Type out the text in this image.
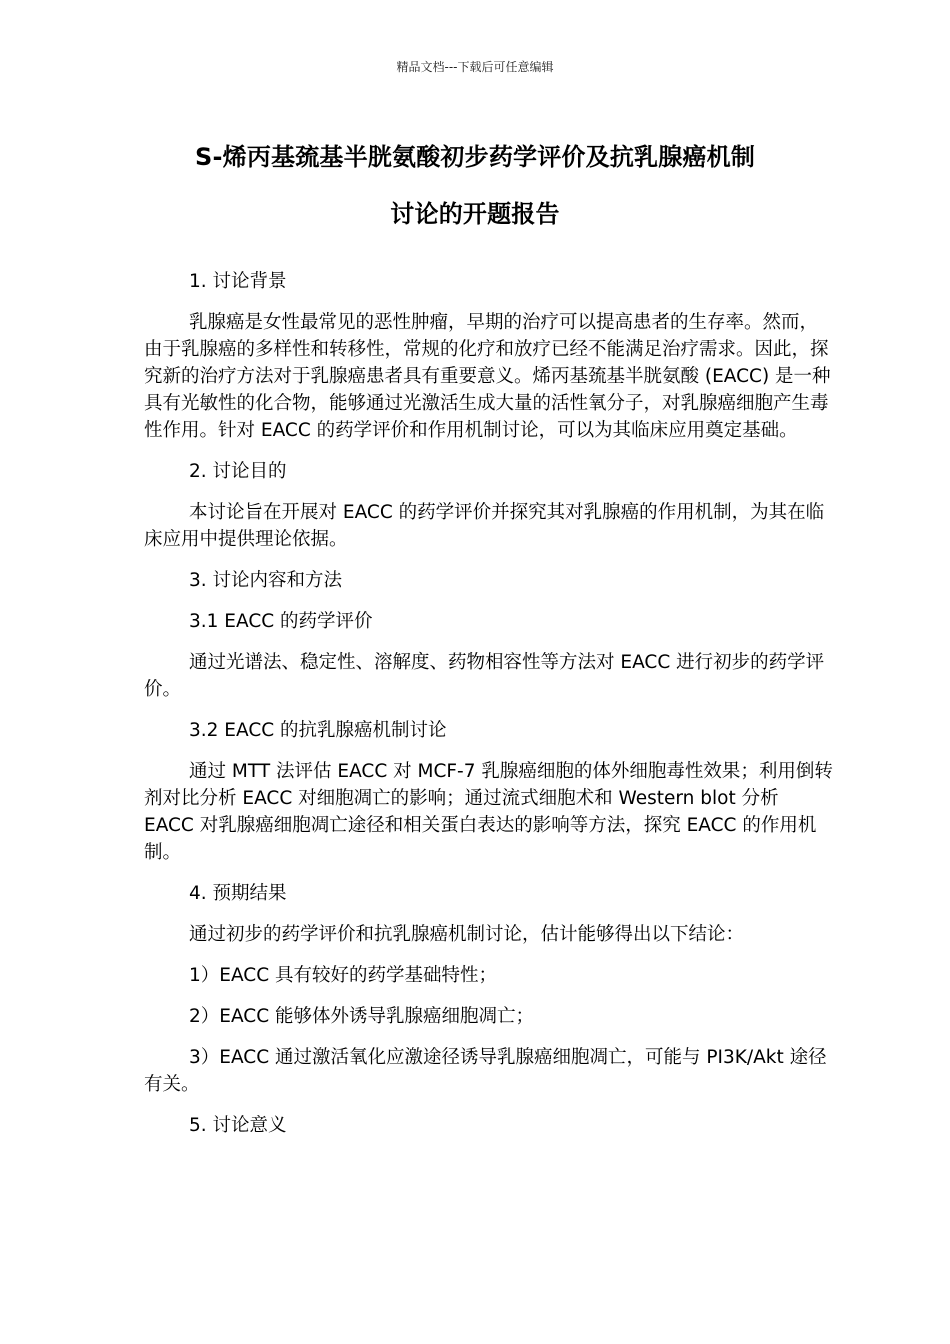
精品文档---下载后可任意编辑
S-烯丙基巯基半胱氨酸初步药学评价及抗乳腺癌机制
讨论的开题报告

1. 讨论背景

乳腺癌是女性最常见的恶性肿瘤，早期的治疗可以提高患者的生存率。然而，由于乳腺癌的多样性和转移性，常规的化疗和放疗已经不能满足治疗需求。因此，探究新的治疗方法对于乳腺癌患者具有重要意义。烯丙基巯基半胱氨酸 (EACC) 是一种具有光敏性的化合物，能够通过光激活生成大量的活性氧分子，对乳腺癌细胞产生毒性作用。针对 EACC 的药学评价和作用机制讨论，可以为其临床应用奠定基础。

2. 讨论目的

本讨论旨在开展对 EACC 的药学评价并探究其对乳腺癌的作用机制，为其在临床应用中提供理论依据。

3. 讨论内容和方法

3.1 EACC 的药学评价

通过光谱法、稳定性、溶解度、药物相容性等方法对 EACC 进行初步的药学评价。

3.2 EACC 的抗乳腺癌机制讨论

通过 MTT 法评估 EACC 对 MCF-7 乳腺癌细胞的体外细胞毒性效果；利用倒转剂对比分析 EACC 对细胞凋亡的影响；通过流式细胞术和 Western blot 分析 EACC 对乳腺癌细胞凋亡途径和相关蛋白表达的影响等方法，探究 EACC 的作用机制。

4. 预期结果

通过初步的药学评价和抗乳腺癌机制讨论，估计能够得出以下结论：

1）EACC 具有较好的药学基础特性；

2）EACC 能够体外诱导乳腺癌细胞凋亡；

3）EACC 通过激活氧化应激途径诱导乳腺癌细胞凋亡，可能与 PI3K/Akt 途径有关。

5. 讨论意义
